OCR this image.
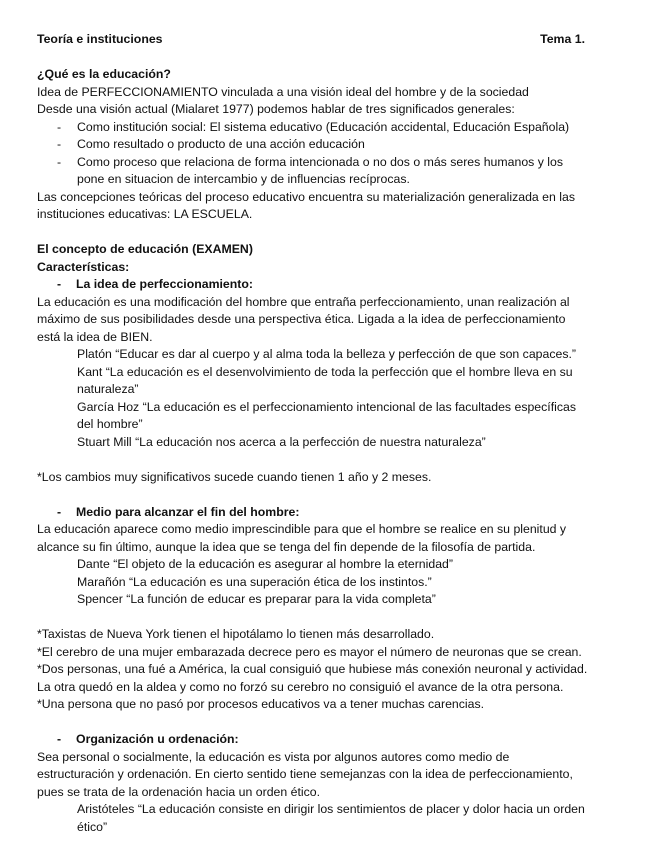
Teoría e instituciones	Tema 1.
¿Qué es la educación?
Idea de PERFECCIONAMIENTO vinculada a una visión ideal del hombre y de la sociedad
Desde una visión actual (Mialaret 1977) podemos hablar de tres significados generales:
- Como institución social: El sistema educativo (Educación accidental, Educación Española)
- Como resultado o producto de una acción educación
- Como proceso que relaciona de forma intencionada o no dos o más seres humanos y los
pone en situacion de intercambio y de influencias recíprocas.
Las concepciones teóricas del proceso educativo encuentra su materialización generalizada en las
instituciones educativas: LA ESCUELA.
El concepto de educación (EXAMEN)
Características:
- La idea de perfeccionamiento:
La educación es una modificación del hombre que entraña perfeccionamiento, unan realización al
máximo de sus posibilidades desde una perspectiva ética. Ligada a la idea de perfeccionamiento
está la idea de BIEN.
Platón “Educar es dar al cuerpo y al alma toda la belleza y perfección de que son capaces.”
Kant “La educación es el desenvolvimiento de toda la perfección que el hombre lleva en su
naturaleza”
García Hoz “La educación es el perfeccionamiento intencional de las facultades específicas
del hombre”
Stuart Mill “La educación nos acerca a la perfección de nuestra naturaleza”
*Los cambios muy significativos sucede cuando tienen 1 año y 2 meses.
- Medio para alcanzar el fin del hombre:
La educación aparece como medio imprescindible para que el hombre se realice en su plenitud y
alcance su fin último, aunque la idea que se tenga del fin depende de la filosofía de partida.
Dante “El objeto de la educación es asegurar al hombre la eternidad”
Marañón “La educación es una superación ética de los instintos.”
Spencer “La función de educar es preparar para la vida completa”
*Taxistas de Nueva York tienen el hipotálamo lo tienen más desarrollado.
*El cerebro de una mujer embarazada decrece pero es mayor el número de neuronas que se crean.
*Dos personas, una fué a América, la cual consiguió que hubiese más conexión neuronal y actividad.
La otra quedó en la aldea y como no forzó su cerebro no consiguió el avance de la otra persona.
*Una persona que no pasó por procesos educativos va a tener muchas carencias.
- Organización u ordenación:
Sea personal o socialmente, la educación es vista por algunos autores como medio de
estructuración y ordenación. En cierto sentido tiene semejanzas con la idea de perfeccionamiento,
pues se trata de la ordenación hacia un orden ético.
Aristóteles “La educación consiste en dirigir los sentimientos de placer y dolor hacia un orden
ético”
